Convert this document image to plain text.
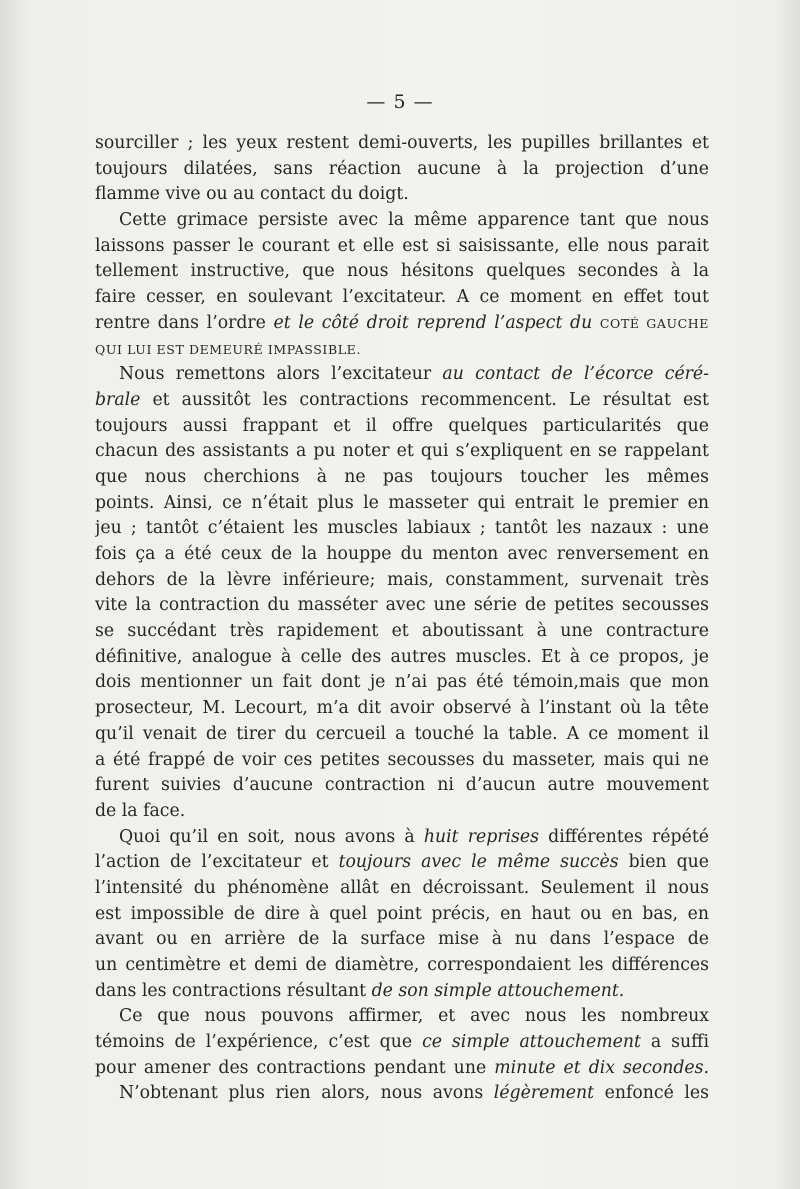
— 5 —
sourciller ; les yeux restent demi-ouverts, les pupilles brillantes et
toujours dilatées, sans réaction aucune à la projection d’une
flamme vive ou au contact du doigt.
Cette grimace persiste avec la même apparence tant que nous
laissons passer le courant et elle est si saisissante, elle nous parait
tellement instructive, que nous hésitons quelques secondes à la
faire cesser, en soulevant l’excitateur. A ce moment en effet tout
rentre dans l’ordre et le côté droit reprend l’aspect du COTÉ GAUCHE
QUI LUI EST DEMEURÉ IMPASSIBLE.
Nous remettons alors l’excitateur au contact de l’écorce céré-
brale et aussitôt les contractions recommencent. Le résultat est
toujours aussi frappant et il offre quelques particularités que
chacun des assistants a pu noter et qui s’expliquent en se rappelant
que nous cherchions à ne pas toujours toucher les mêmes
points. Ainsi, ce n’était plus le masseter qui entrait le premier en
jeu ; tantôt c’étaient les muscles labiaux ; tantôt les nazaux : une
fois ça a été ceux de la houppe du menton avec renversement en
dehors de la lèvre inférieure; mais, constamment, survenait très
vite la contraction du masséter avec une série de petites secousses
se succédant très rapidement et aboutissant à une contracture
définitive, analogue à celle des autres muscles. Et à ce propos, je
dois mentionner un fait dont je n’ai pas été témoin,mais que mon
prosecteur, M. Lecourt, m’a dit avoir observé à l’instant où la tête
qu’il venait de tirer du cercueil a touché la table. A ce moment il
a été frappé de voir ces petites secousses du masseter, mais qui ne
furent suivies d’aucune contraction ni d’aucun autre mouvement
de la face.
Quoi qu’il en soit, nous avons à huit reprises différentes répété
l’action de l’excitateur et toujours avec le même succès bien que
l’intensité du phénomène allât en décroissant. Seulement il nous
est impossible de dire à quel point précis, en haut ou en bas, en
avant ou en arrière de la surface mise à nu dans l’espace de
un centimètre et demi de diamètre, correspondaient les différences
dans les contractions résultant de son simple attouchement.
Ce que nous pouvons affirmer, et avec nous les nombreux
témoins de l’expérience, c’est que ce simple attouchement a suffi
pour amener des contractions pendant une minute et dix secondes.
N’obtenant plus rien alors, nous avons légèrement enfoncé les
